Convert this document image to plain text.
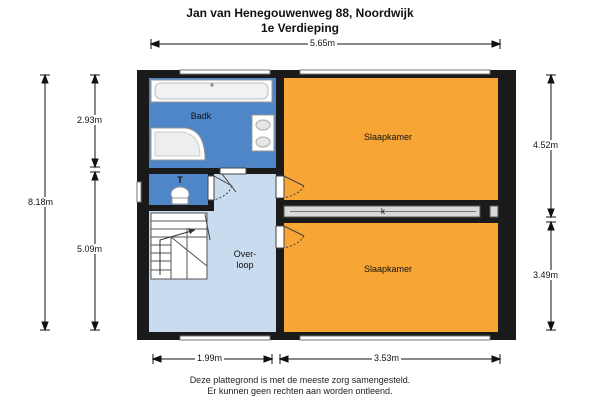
Jan van Henegouwenweg 88, Noordwijk
1e Verdieping
Badk
T
Over-
loop
Slaapkamer
Slaapkamer
k
5.65m
8.18m
2.93m
5.09m
4.52m
3.49m
1.99m	3.53m
Deze plattegrond is met de meeste zorg samengesteld.
Er kunnen geen rechten aan worden ontleend.
